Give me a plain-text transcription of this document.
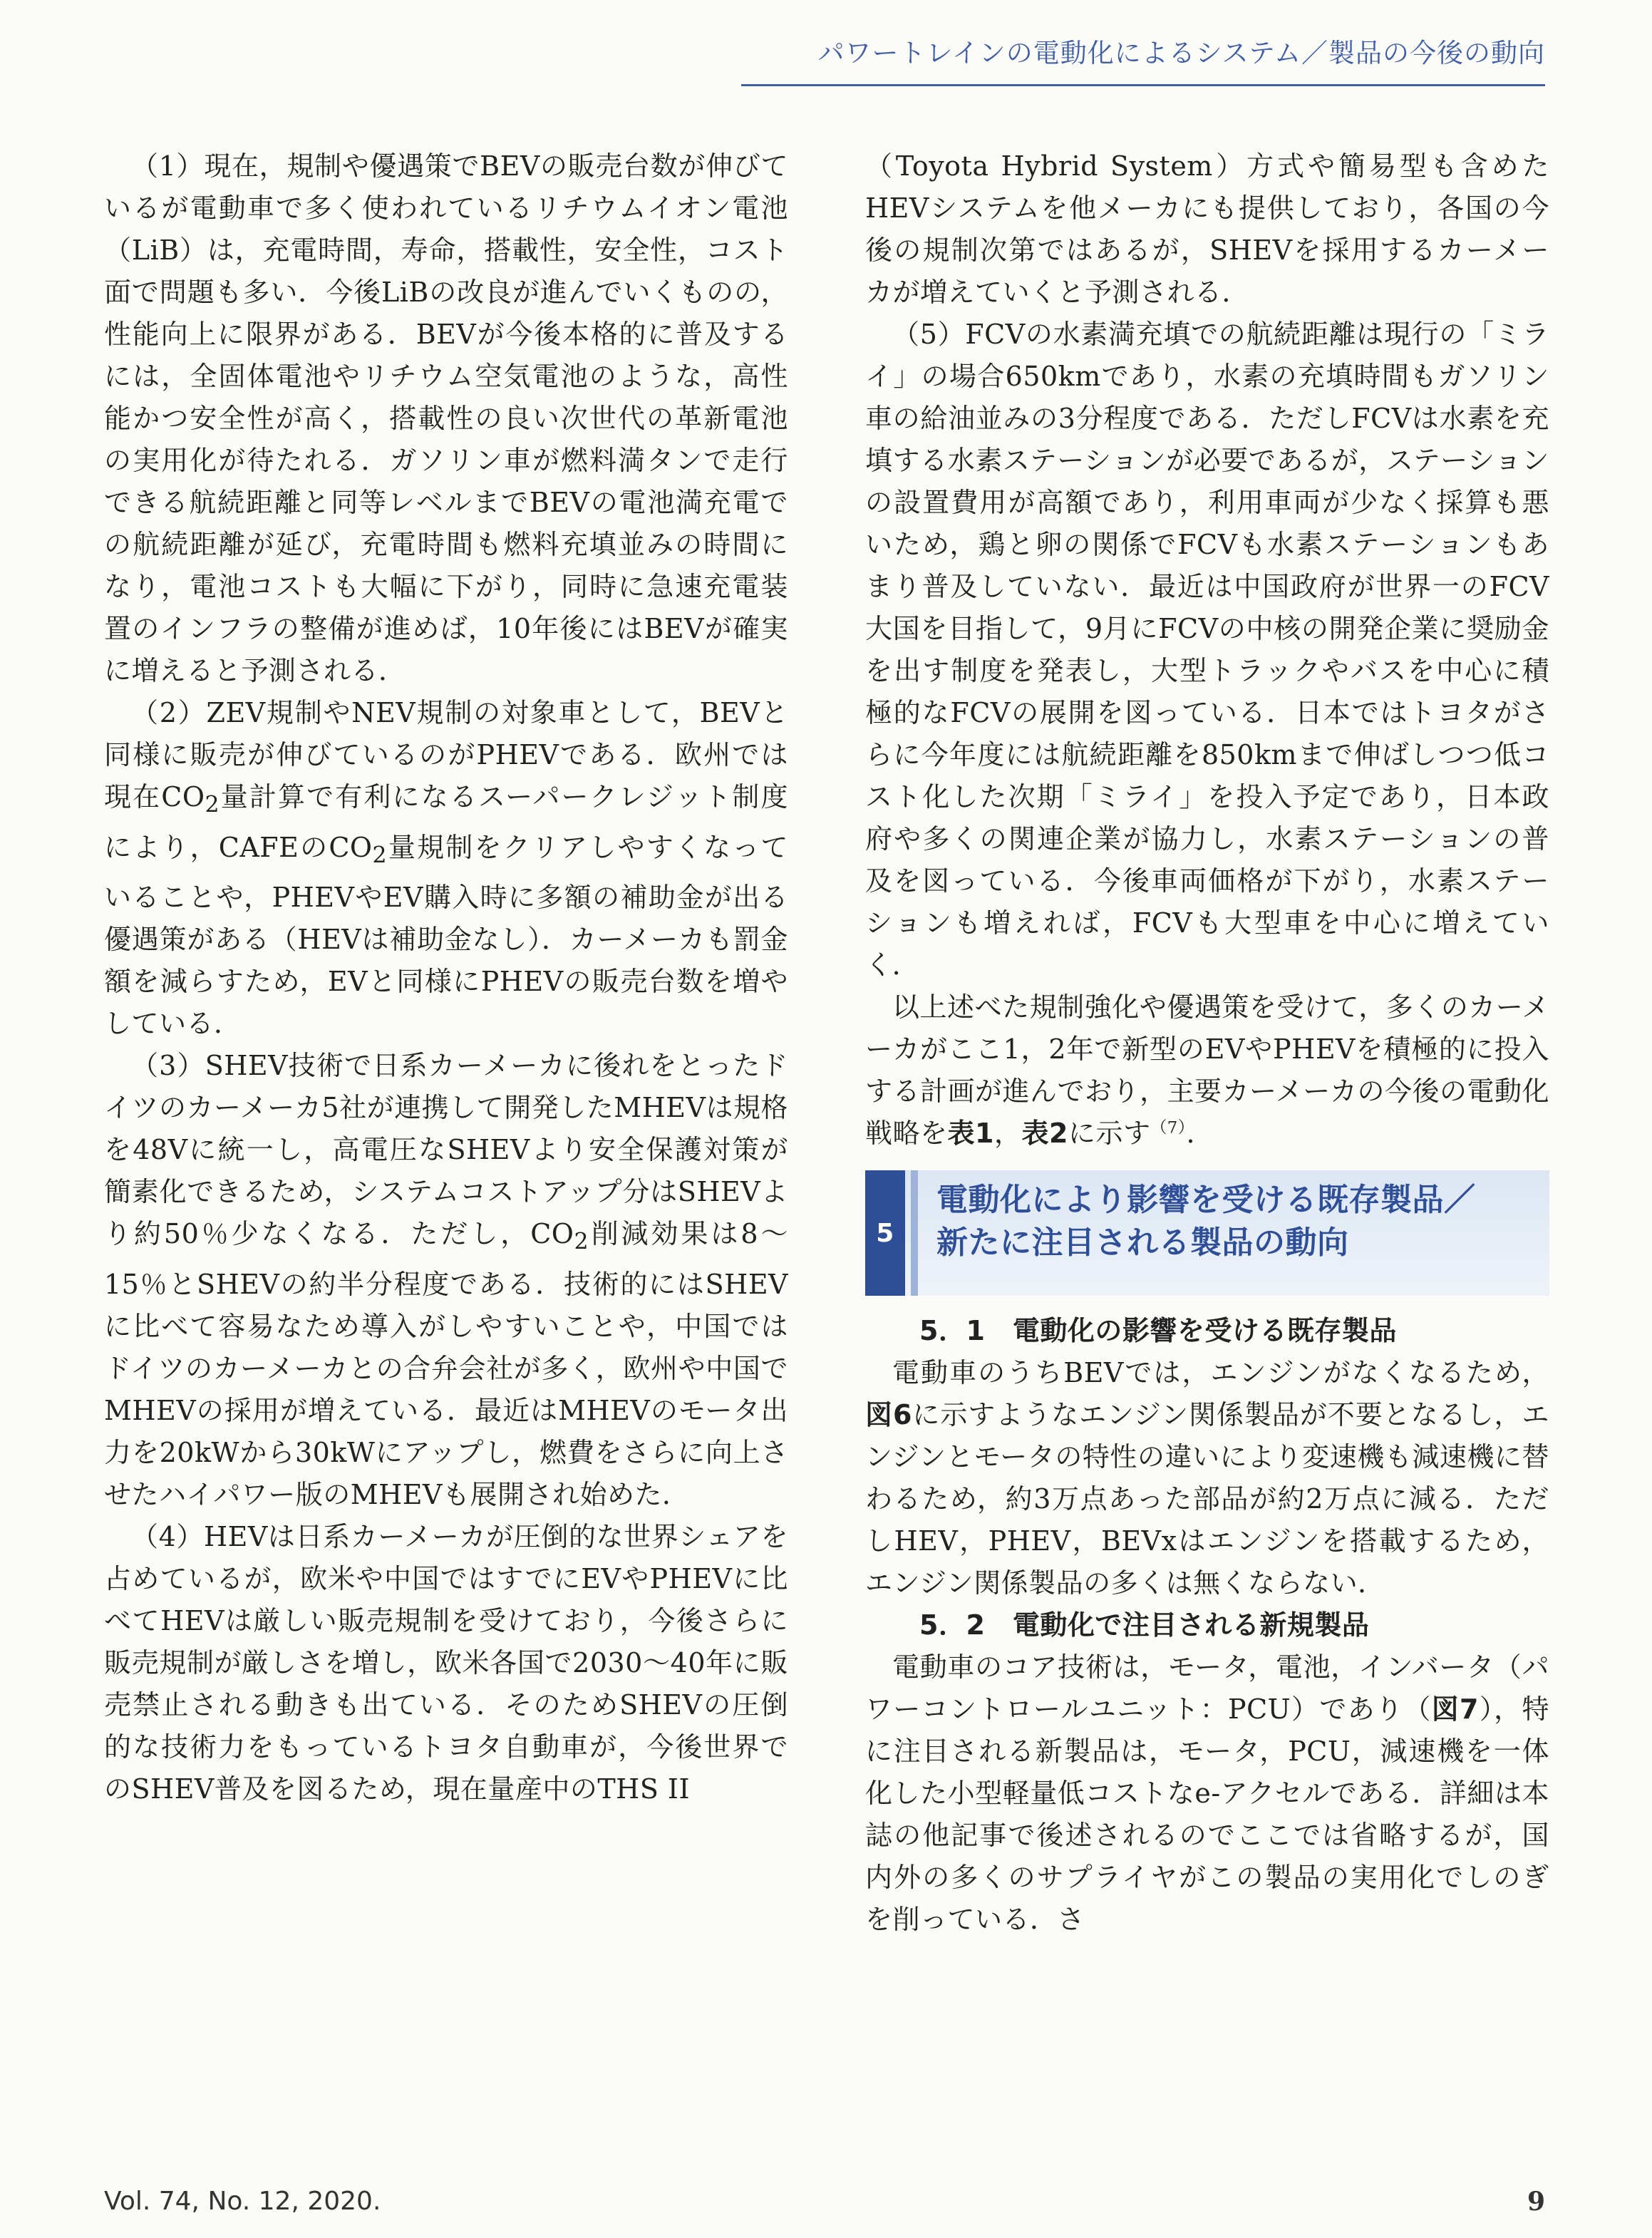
パワートレインの電動化によるシステム／製品の今後の動向

（1）現在，規制や優遇策でBEVの販売台数が伸びているが電動車で多く使われているリチウムイオン電池（LiB）は，充電時間，寿命，搭載性，安全性，コスト面で問題も多い．今後LiBの改良が進んでいくものの，性能向上に限界がある．BEVが今後本格的に普及するには，全固体電池やリチウム空気電池のような，高性能かつ安全性が高く，搭載性の良い次世代の革新電池の実用化が待たれる．ガソリン車が燃料満タンで走行できる航続距離と同等レベルまでBEVの電池満充電での航続距離が延び，充電時間も燃料充填並みの時間になり，電池コストも大幅に下がり，同時に急速充電装置のインフラの整備が進めば，10年後にはBEVが確実に増えると予測される．

（2）ZEV規制やNEV規制の対象車として，BEVと同様に販売が伸びているのがPHEVである．欧州では現在$CO_2$量計算で有利になるスーパークレジット制度により，CAFEの$CO_2$量規制をクリアしやすくなっていることや，PHEVやEV購入時に多額の補助金が出る優遇策がある（HEVは補助金なし）．カーメーカも罰金額を減らすため，EVと同様にPHEVの販売台数を増やしている．

（3）SHEV技術で日系カーメーカに後れをとったドイツのカーメーカ5社が連携して開発したMHEVは規格を48Vに統一し，高電圧なSHEVより安全保護対策が簡素化できるため，システムコストアップ分はSHEVより約50％少なくなる．ただし，$CO_2$削減効果は8〜15％とSHEVの約半分程度である．技術的にはSHEVに比べて容易なため導入がしやすいことや，中国ではドイツのカーメーカとの合弁会社が多く，欧州や中国でMHEVの採用が増えている．最近はMHEVのモータ出力を20kWから30kWにアップし，燃費をさらに向上させたハイパワー版のMHEVも展開され始めた．

（4）HEVは日系カーメーカが圧倒的な世界シェアを占めているが，欧米や中国ではすでにEVやPHEVに比べてHEVは厳しい販売規制を受けており，今後さらに販売規制が厳しさを増し，欧米各国で2030〜40年に販売禁止される動きも出ている．そのためSHEVの圧倒的な技術力をもっているトヨタ自動車が，今後世界でのSHEV普及を図るため，現在量産中のTHS II

（Toyota Hybrid System）方式や簡易型も含めたHEVシステムを他メーカにも提供しており，各国の今後の規制次第ではあるが，SHEVを採用するカーメーカが増えていくと予測される．

（5）FCVの水素満充填での航続距離は現行の「ミライ」の場合650kmであり，水素の充填時間もガソリン車の給油並みの3分程度である．ただしFCVは水素を充填する水素ステーションが必要であるが，ステーションの設置費用が高額であり，利用車両が少なく採算も悪いため，鶏と卵の関係でFCVも水素ステーションもあまり普及していない．最近は中国政府が世界一のFCV大国を目指して，9月にFCVの中核の開発企業に奨励金を出す制度を発表し，大型トラックやバスを中心に積極的なFCVの展開を図っている．日本ではトヨタがさらに今年度には航続距離を850kmまで伸ばしつつ低コスト化した次期「ミライ」を投入予定であり，日本政府や多くの関連企業が協力し，水素ステーションの普及を図っている．今後車両価格が下がり，水素ステーションも増えれば，FCVも大型車を中心に増えていく．

以上述べた規制強化や優遇策を受けて，多くのカーメーカがここ1，2年で新型のEVやPHEVを積極的に投入する計画が進んでおり，主要カーメーカの今後の電動化戦略を表1，表2に示す$^{(7)}$．

5
電動化により影響を受ける既存製品／
新たに注目される製品の動向

5．1　電動化の影響を受ける既存製品

電動車のうちBEVでは，エンジンがなくなるため，図6に示すようなエンジン関係製品が不要となるし，エンジンとモータの特性の違いにより変速機も減速機に替わるため，約3万点あった部品が約2万点に減る．ただしHEV，PHEV，BEVxはエンジンを搭載するため，エンジン関係製品の多くは無くならない．

5．2　電動化で注目される新規製品

電動車のコア技術は，モータ，電池，インバータ（パワーコントロールユニット：PCU）であり（図7），特に注目される新製品は，モータ，PCU，減速機を一体化した小型軽量低コストなe-アクセルである．詳細は本誌の他記事で後述されるのでここでは省略するが，国内外の多くのサプライヤがこの製品の実用化でしのぎを削っている．さ

Vol. 74, No. 12, 2020.	9
